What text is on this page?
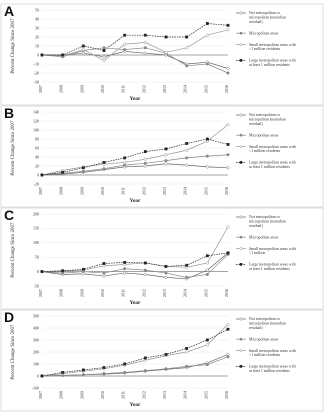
A
-30
-20
-10
0
10
20
30
40
50
2007	2008	2009	2010	2011	2012	2013	2014	2015	2016
Percent Change Since 2007
Year
Not metropolitan or micropolitan (nonurban residual)
Micropolitan areas
Small metropolitan areas with <1 million residents
Large metropolitan areas with at least 1 million residents
B
-20
0
20
40
60
80
100
120
140
2007	2008	2009	2010	2011	2012	2013	2014	2015	2016
Percent Change Since 2007
Year
Not metropolitan or micropolitan (nonurban residual)
Micropolitan areas
Small metropolitan areas with <1 million residents
Large metropolitan areas with at least 1 million residents
C
-50
0
50
100
150
200
2007	2008	2009	2010	2011	2012	2013	2014	2015	2016
Percent Change Since 2007
Year
Not metropolitan or micropolitan (nonurban residual)
Micropolitan areas
Small metropolitan areas with <1 million
Large metropolitan areas with at least 1 million residents
D
-100
0
100
200
300
400
500
2007	2008	2009	2010	2011	2012	2013	2014	2015	2016
Percent Change Since 2007
Year
Not metropolitan or micropolitan (nonurban residual)
Micropolitan areas
Small metropolitan areas with <1 million residents
Large metropolitan areas with at least 1 million residents
